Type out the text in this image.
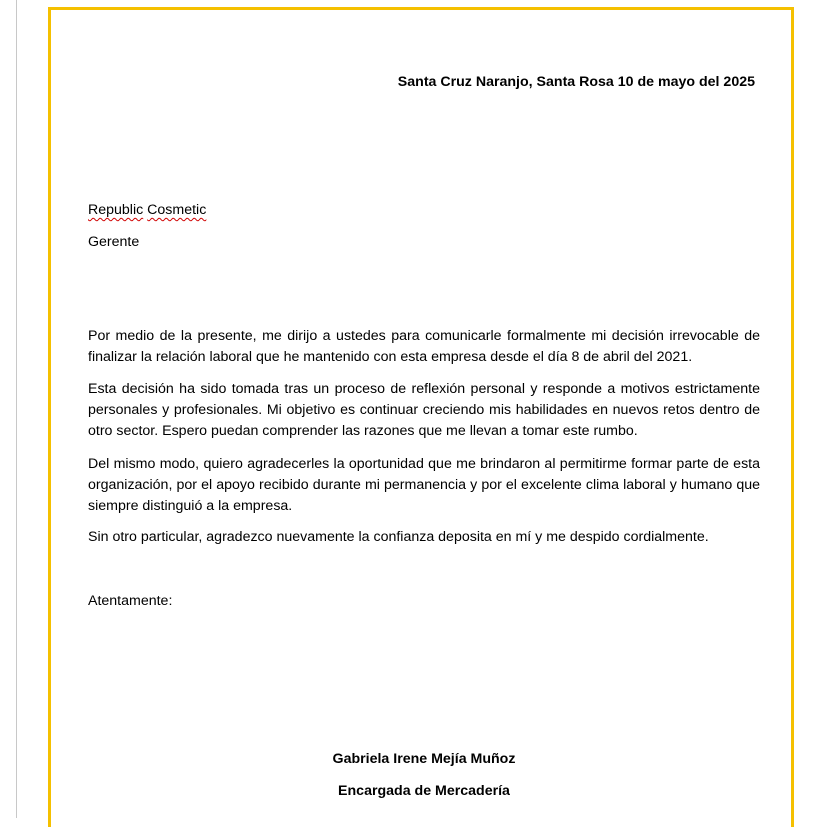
Santa Cruz Naranjo, Santa Rosa 10 de mayo del 2025
Republic Cosmetic
Gerente
Por medio de la presente, me dirijo a ustedes para comunicarle formalmente mi decisión irrevocable de finalizar la relación laboral que he mantenido con esta empresa desde el día 8 de abril del 2021.
Esta decisión ha sido tomada tras un proceso de reflexión personal y responde a motivos estrictamente personales y profesionales. Mi objetivo es continuar creciendo mis habilidades en nuevos retos dentro de otro sector. Espero puedan comprender las razones que me llevan a tomar este rumbo.
Del mismo modo, quiero agradecerles la oportunidad que me brindaron al permitirme formar parte de esta organización, por el apoyo recibido durante mi permanencia y por el excelente clima laboral y humano que siempre distinguió a la empresa.
Sin otro particular, agradezco nuevamente la confianza deposita en mí y me despido cordialmente.
Atentamente:
Gabriela Irene Mejía Muñoz
Encargada de Mercadería
